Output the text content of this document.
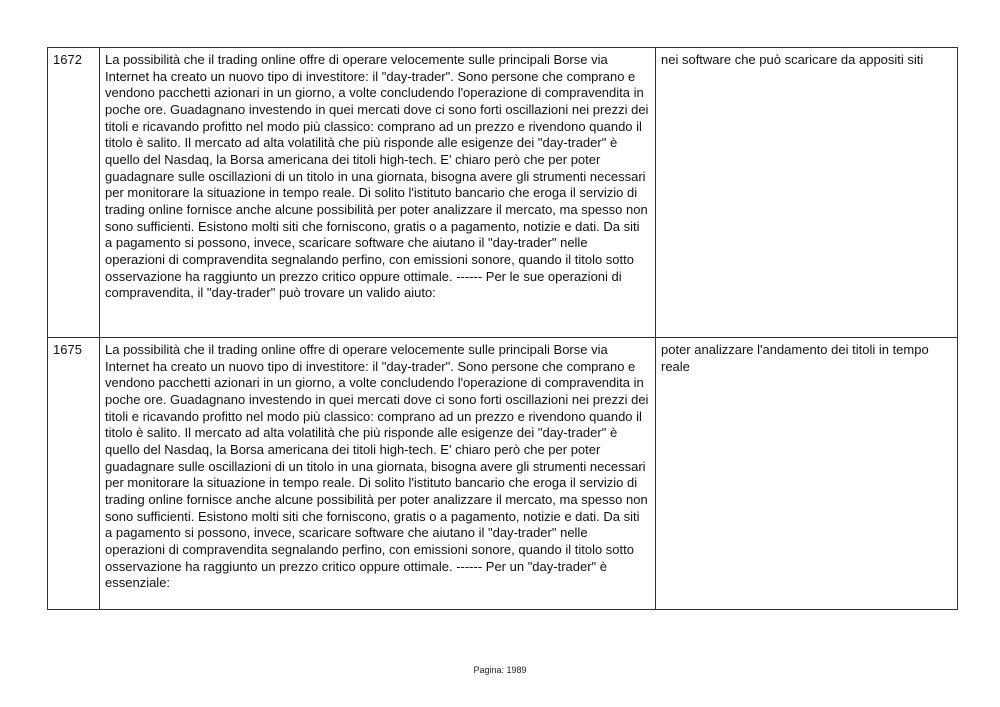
1672	La possibilità che il trading online offre di operare velocemente sulle principali Borse via Internet ha creato un nuovo tipo di investitore: il "day-trader". Sono persone che comprano e vendono pacchetti azionari in un giorno, a volte concludendo l'operazione di compravendita in poche ore. Guadagnano investendo in quei mercati dove ci sono forti oscillazioni nei prezzi dei titoli e ricavando profitto nel modo più classico: comprano ad un prezzo e rivendono quando il titolo è salito. Il mercato ad alta volatilità che più risponde alle esigenze dei "day-trader" è quello del Nasdaq, la Borsa americana dei titoli high-tech. E' chiaro però che per poter guadagnare sulle oscillazioni di un titolo in una giornata, bisogna avere gli strumenti necessari per monitorare la situazione in tempo reale. Di solito l'istituto bancario che eroga il servizio di trading online fornisce anche alcune possibilità per poter analizzare il mercato, ma spesso non sono sufficienti. Esistono molti siti che forniscono, gratis o a pagamento, notizie e dati. Da siti a pagamento si possono, invece, scaricare software che aiutano il "day-trader" nelle operazioni di compravendita segnalando perfino, con emissioni sonore, quando il titolo sotto osservazione ha raggiunto un prezzo critico oppure ottimale. ------ Per le sue operazioni di compravendita, il "day-trader" può trovare un valido aiuto:	nei software che può scaricare da appositi siti
1675	La possibilità che il trading online offre di operare velocemente sulle principali Borse via Internet ha creato un nuovo tipo di investitore: il "day-trader". Sono persone che comprano e vendono pacchetti azionari in un giorno, a volte concludendo l'operazione di compravendita in poche ore. Guadagnano investendo in quei mercati dove ci sono forti oscillazioni nei prezzi dei titoli e ricavando profitto nel modo più classico: comprano ad un prezzo e rivendono quando il titolo è salito. Il mercato ad alta volatilità che più risponde alle esigenze dei "day-trader" è quello del Nasdaq, la Borsa americana dei titoli high-tech. E' chiaro però che per poter guadagnare sulle oscillazioni di un titolo in una giornata, bisogna avere gli strumenti necessari per monitorare la situazione in tempo reale. Di solito l'istituto bancario che eroga il servizio di trading online fornisce anche alcune possibilità per poter analizzare il mercato, ma spesso non sono sufficienti. Esistono molti siti che forniscono, gratis o a pagamento, notizie e dati. Da siti a pagamento si possono, invece, scaricare software che aiutano il "day-trader" nelle operazioni di compravendita segnalando perfino, con emissioni sonore, quando il titolo sotto osservazione ha raggiunto un prezzo critico oppure ottimale. ------ Per un "day-trader" è essenziale:	poter analizzare l'andamento dei titoli in tempo reale
Pagina: 1989
